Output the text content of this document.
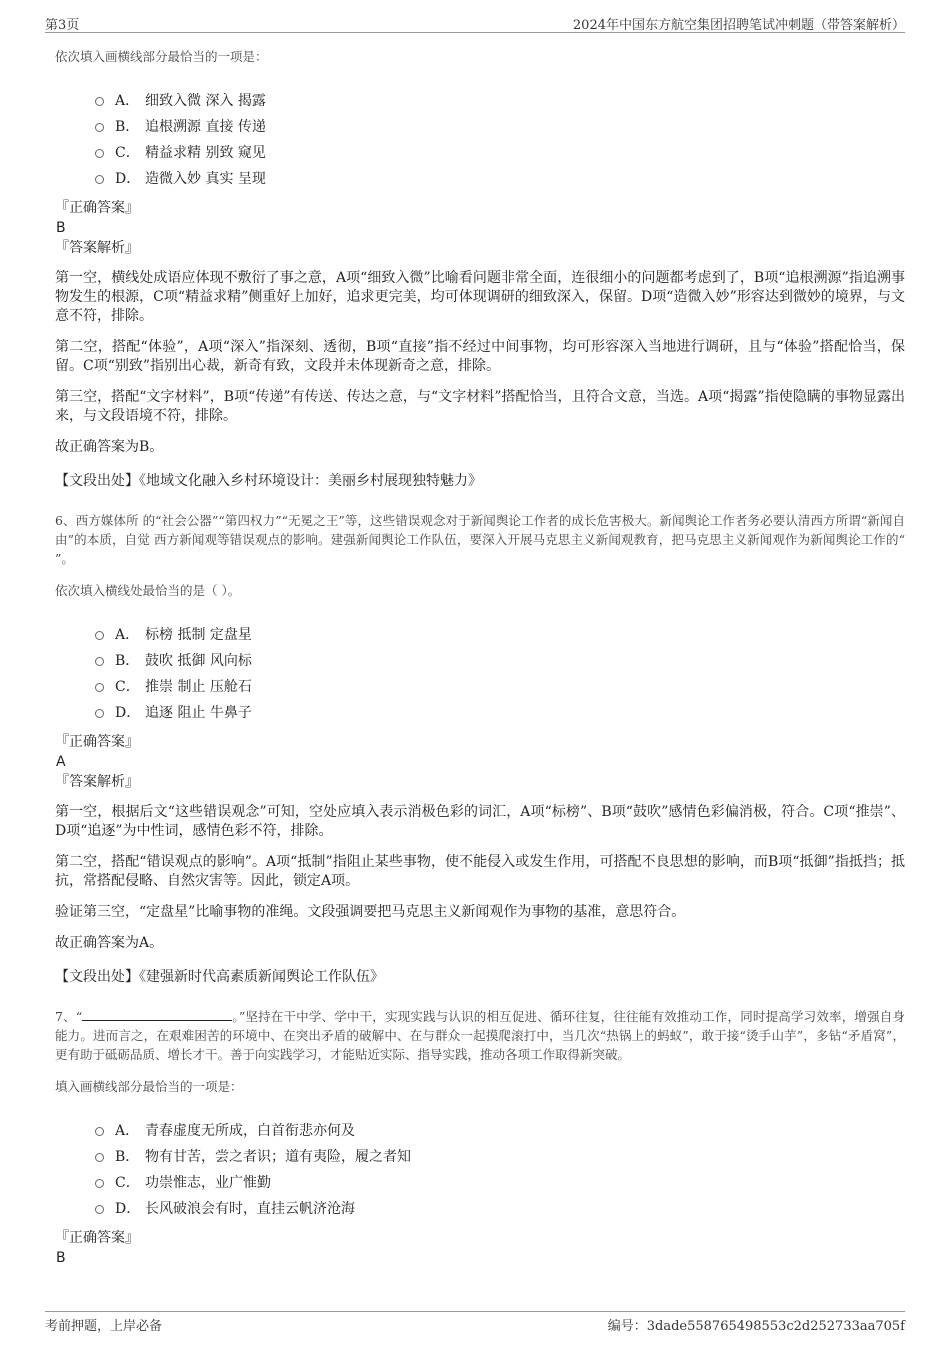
第3页	2024年中国东方航空集团招聘笔试冲刺题（带答案解析）

依次填入画横线部分最恰当的一项是：

A． 细致入微 深入 揭露
B． 追根溯源 直接 传递
C． 精益求精 别致 窥见
D． 造微入妙 真实 呈现

『正确答案』

B

『答案解析』

第一空，横线处成语应体现不敷衍了事之意，A项“细致入微”比喻看问题非常全面，连很细小的问题都考虑到了，B项“追根溯源”指追溯事物发生的根源，C项“精益求精”侧重好上加好，追求更完美，均可体现调研的细致深入，保留。D项“造微入妙”形容达到微妙的境界，与文意不符，排除。

第二空，搭配“体验”，A项“深入”指深刻、透彻，B项“直接”指不经过中间事物，均可形容深入当地进行调研，且与“体验”搭配恰当，保留。C项“别致”指别出心裁，新奇有致，文段并未体现新奇之意，排除。

第三空，搭配“文字材料”，B项“传递”有传送、传达之意，与“文字材料”搭配恰当，且符合文意，当选。A项“揭露”指使隐瞒的事物显露出来，与文段语境不符，排除。

故正确答案为B。

【文段出处】《地域文化融入乡村环境设计：美丽乡村展现独特魅力》

6、西方媒体所 的“社会公器”“第四权力”“无冕之王”等，这些错误观念对于新闻舆论工作者的成长危害极大。新闻舆论工作者务必要认清西方所谓“新闻自由”的本质，自觉 西方新闻观等错误观点的影响。建强新闻舆论工作队伍，要深入开展马克思主义新闻观教育，把马克思主义新闻观作为新闻舆论工作的“ ”。

依次填入横线处最恰当的是（ ）。

A． 标榜 抵制 定盘星
B． 鼓吹 抵御 风向标
C． 推崇 制止 压舱石
D． 追逐 阻止 牛鼻子

『正确答案』

A

『答案解析』

第一空，根据后文“这些错误观念”可知，空处应填入表示消极色彩的词汇，A项“标榜”、B项“鼓吹”感情色彩偏消极，符合。C项“推崇”、D项“追逐”为中性词，感情色彩不符，排除。

第二空，搭配“错误观点的影响”。A项“抵制”指阻止某些事物，使不能侵入或发生作用，可搭配不良思想的影响，而B项“抵御”指抵挡；抵抗，常搭配侵略、自然灾害等。因此，锁定A项。

验证第三空，“定盘星”比喻事物的准绳。文段强调要把马克思主义新闻观作为事物的基准，意思符合。

故正确答案为A。

【文段出处】《建强新时代高素质新闻舆论工作队伍》

7、“	。”坚持在干中学、学中干，实现实践与认识的相互促进、循环往复，往往能有效推动工作，同时提高学习效率，增强自身能力。进而言之，在艰难困苦的环境中、在突出矛盾的破解中、在与群众一起摸爬滚打中，当几次“热锅上的蚂蚁”，敢于接“烫手山芋”，多钻“矛盾窝”，更有助于砥砺品质、增长才干。善于向实践学习，才能贴近实际、指导实践，推动各项工作取得新突破。

填入画横线部分最恰当的一项是：

A． 青春虚度无所成，白首衔悲亦何及
B． 物有甘苦，尝之者识；道有夷险，履之者知
C． 功崇惟志，业广惟勤
D． 长风破浪会有时，直挂云帆济沧海

『正确答案』

B

考前押题，上岸必备	编号：3dade558765498553c2d252733aa705f
